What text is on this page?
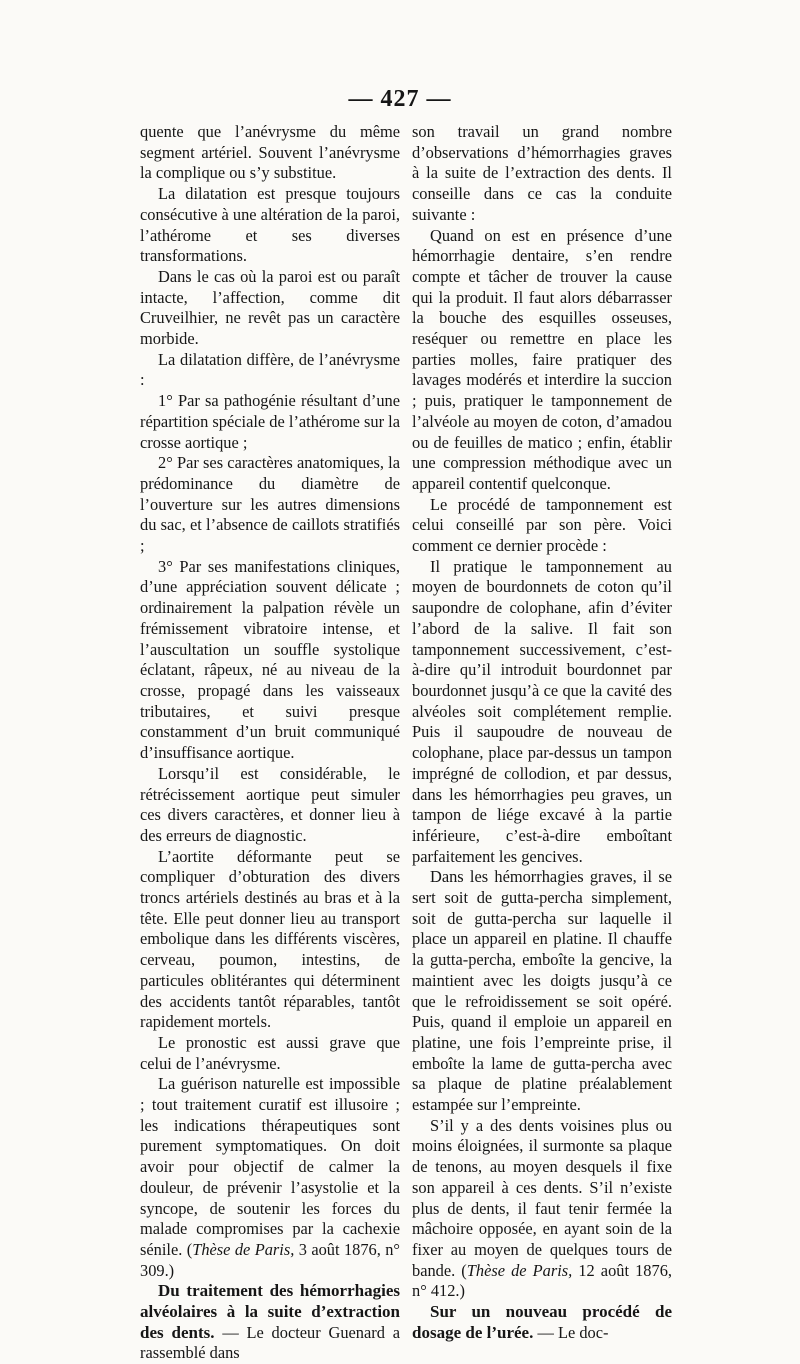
— 427 —

quente que l’anévrysme du même segment artériel. Souvent l’anévrysme la complique ou s’y substitue.

La dilatation est presque toujours consécutive à une altération de la paroi, l’athérome et ses diverses transformations.

Dans le cas où la paroi est ou paraît intacte, l’affection, comme dit Cruveilhier, ne revêt pas un caractère morbide.

La dilatation diffère, de l’anévrysme :

1° Par sa pathogénie résultant d’une répartition spéciale de l’athérome sur la crosse aortique ;

2° Par ses caractères anatomiques, la prédominance du diamètre de l’ouverture sur les autres dimensions du sac, et l’absence de caillots stratifiés ;

3° Par ses manifestations cliniques, d’une appréciation souvent délicate ; ordinairement la palpation révèle un frémissement vibratoire intense, et l’auscultation un souffle systolique éclatant, râpeux, né au niveau de la crosse, propagé dans les vaisseaux tributaires, et suivi presque constamment d’un bruit communiqué d’insuffisance aortique.

Lorsqu’il est considérable, le rétrécissement aortique peut simuler ces divers caractères, et donner lieu à des erreurs de diagnostic.

L’aortite déformante peut se compliquer d’obturation des divers troncs artériels destinés au bras et à la tête. Elle peut donner lieu au transport embolique dans les différents viscères, cerveau, poumon, intestins, de particules oblitérantes qui déterminent des accidents tantôt réparables, tantôt rapidement mortels.

Le pronostic est aussi grave que celui de l’anévrysme.

La guérison naturelle est impossible ; tout traitement curatif est illusoire ; les indications thérapeutiques sont purement symptomatiques. On doit avoir pour objectif de calmer la douleur, de prévenir l’asystolie et la syncope, de soutenir les forces du malade compromises par la cachexie sénile. (Thèse de Paris, 3 août 1876, n° 309.)

Du traitement des hémorrhagies alvéolaires à la suite d’extraction des dents. — Le docteur Guenard a rassemblé dans

son travail un grand nombre d’observations d’hémorrhagies graves à la suite de l’extraction des dents. Il conseille dans ce cas la conduite suivante :

Quand on est en présence d’une hémorrhagie dentaire, s’en rendre compte et tâcher de trouver la cause qui la produit. Il faut alors débarrasser la bouche des esquilles osseuses, reséquer ou remettre en place les parties molles, faire pratiquer des lavages modérés et interdire la succion ; puis, pratiquer le tamponnement de l’alvéole au moyen de coton, d’amadou ou de feuilles de matico ; enfin, établir une compression méthodique avec un appareil contentif quelconque.

Le procédé de tamponnement est celui conseillé par son père. Voici comment ce dernier procède :

Il pratique le tamponnement au moyen de bourdonnets de coton qu’il saupondre de colophane, afin d’éviter l’abord de la salive. Il fait son tamponnement successivement, c’est-à-dire qu’il introduit bourdonnet par bourdonnet jusqu’à ce que la cavité des alvéoles soit complétement remplie. Puis il saupoudre de nouveau de colophane, place par-dessus un tampon imprégné de collodion, et par dessus, dans les hémorrhagies peu graves, un tampon de liége excavé à la partie inférieure, c’est-à-dire emboîtant parfaitement les gencives.

Dans les hémorrhagies graves, il se sert soit de gutta-percha simplement, soit de gutta-percha sur laquelle il place un appareil en platine. Il chauffe la gutta-percha, emboîte la gencive, la maintient avec les doigts jusqu’à ce que le refroidissement se soit opéré. Puis, quand il emploie un appareil en platine, une fois l’empreinte prise, il emboîte la lame de gutta-percha avec sa plaque de platine préalablement estampée sur l’empreinte.

S’il y a des dents voisines plus ou moins éloignées, il surmonte sa plaque de tenons, au moyen desquels il fixe son appareil à ces dents. S’il n’existe plus de dents, il faut tenir fermée la mâchoire opposée, en ayant soin de la fixer au moyen de quelques tours de bande. (Thèse de Paris, 12 août 1876, n° 412.)

Sur un nouveau procédé de dosage de l’urée. — Le doc-
